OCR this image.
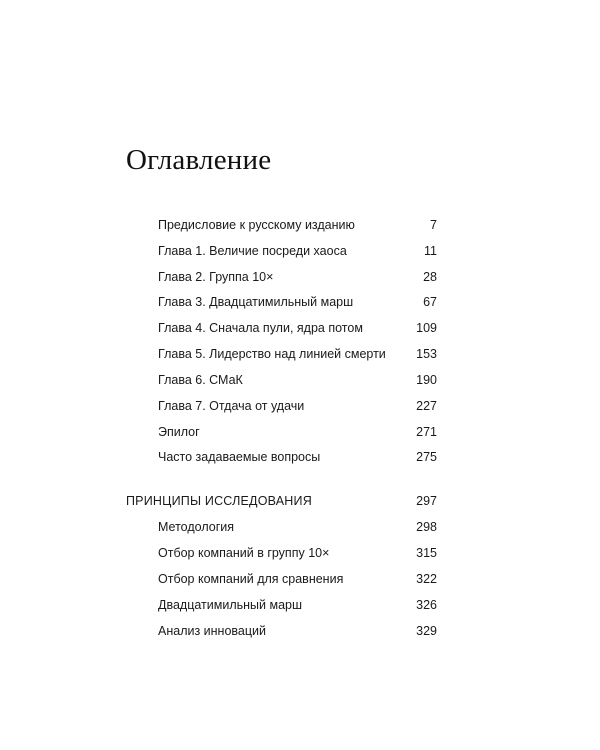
Оглавление
Предисловие к русскому изданию	7
Глава 1. Величие посреди хаоса	11
Глава 2. Группа 10×	28
Глава 3. Двадцатимильный марш	67
Глава 4. Сначала пули, ядра потом	109
Глава 5. Лидерство над линией смерти 153
Глава 6. СМаК	190
Глава 7. Отдача от удачи	227
Эпилог	271
Часто задаваемые вопросы	275
ПРИНЦИПЫ ИССЛЕДОВАНИЯ	297
Методология	298
Отбор компаний в группу 10×	315
Отбор компаний для сравнения	322
Двадцатимильный марш	326
Анализ инноваций	329
